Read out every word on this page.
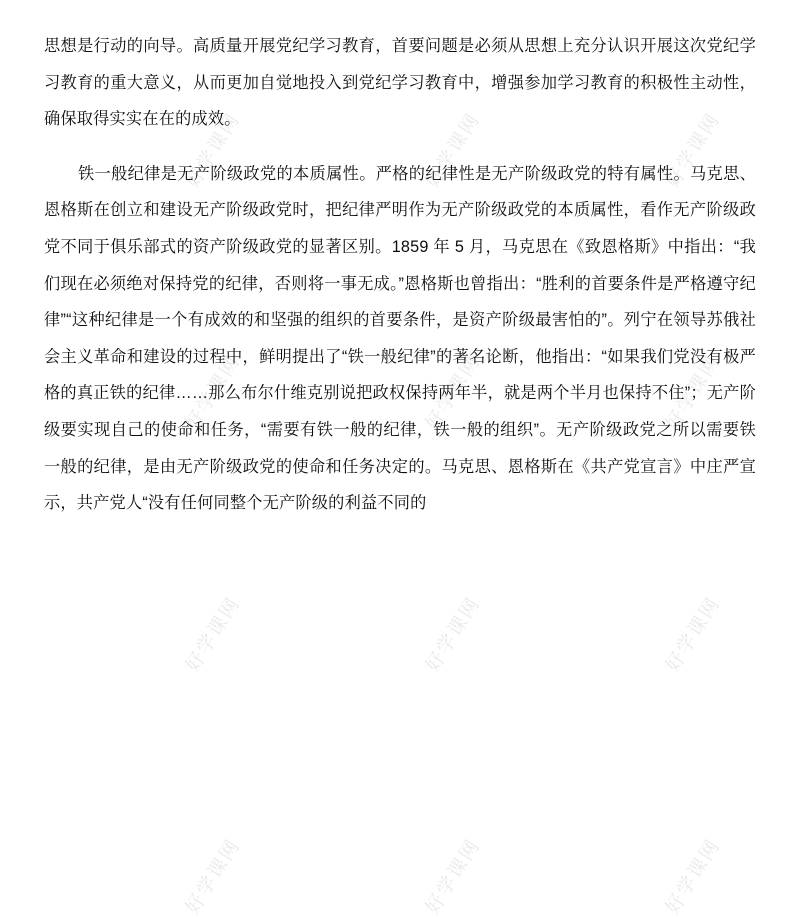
好学课网	好学课网	好学课网
好学课网	好学课网	好学课网
好学课网	好学课网	好学课网
好学课网	好学课网	好学课网

思想是行动的向导。高质量开展党纪学习教育，首要问题是必须从思想上充分认识开展这次党纪学习教育的重大意义，从而更加自觉地投入到党纪学习教育中，增强参加学习教育的积极性主动性，确保取得实实在在的成效。

铁一般纪律是无产阶级政党的本质属性。严格的纪律性是无产阶级政党的特有属性。马克思、恩格斯在创立和建设无产阶级政党时，把纪律严明作为无产阶级政党的本质属性，看作无产阶级政党不同于俱乐部式的资产阶级政党的显著区别。1859 年 5 月，马克思在《致恩格斯》中指出：“我们现在必须绝对保持党的纪律，否则将一事无成。”恩格斯也曾指出：“胜利的首要条件是严格遵守纪律”“这种纪律是一个有成效的和坚强的组织的首要条件，是资产阶级最害怕的”。列宁在领导苏俄社会主义革命和建设的过程中，鲜明提出了“铁一般纪律”的著名论断，他指出：“如果我们党没有极严格的真正铁的纪律……那么布尔什维克别说把政权保持两年半，就是两个半月也保持不住”；无产阶级要实现自己的使命和任务，“需要有铁一般的纪律，铁一般的组织”。无产阶级政党之所以需要铁一般的纪律，是由无产阶级政党的使命和任务决定的。马克思、恩格斯在《共产党宣言》中庄严宣示，共产党人“没有任何同整个无产阶级的利益不同的
